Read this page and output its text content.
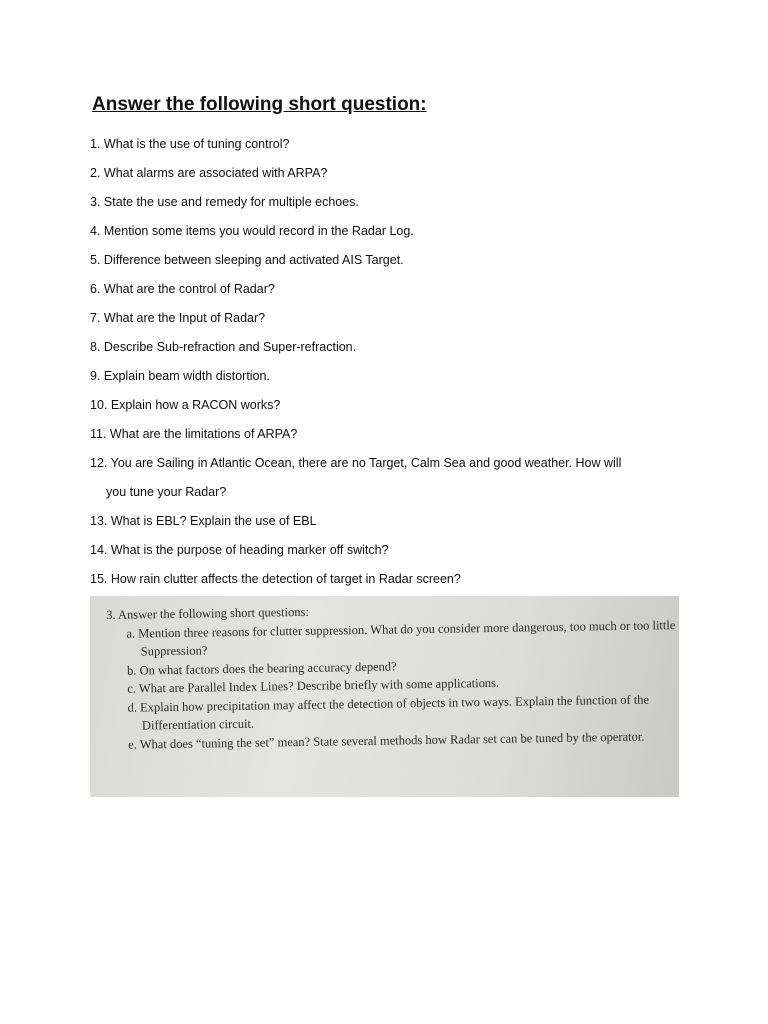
Answer the following short question:
1. What is the use of tuning control?
2. What alarms are associated with ARPA?
3. State the use and remedy for multiple echoes.
4. Mention some items you would record in the Radar Log.
5. Difference between sleeping and activated AIS Target.
6. What are the control of Radar?
7. What are the Input of Radar?
8. Describe Sub-refraction and Super-refraction.
9. Explain beam width distortion.
10. Explain how a RACON works?
11. What are the limitations of ARPA?
12. You are Sailing in Atlantic Ocean, there are no Target, Calm Sea and good weather. How will
you tune your Radar?
13. What is EBL? Explain the use of EBL
14. What is the purpose of heading marker off switch?
15. How rain clutter affects the detection of target in Radar screen?
3. Answer the following short questions:
a. Mention three reasons for clutter suppression. What do you consider more dangerous, too much or too little
Suppression?
b. On what factors does the bearing accuracy depend?
c. What are Parallel Index Lines? Describe briefly with some applications.
d. Explain how precipitation may affect the detection of objects in two ways. Explain the function of the
Differentiation circuit.
e. What does “tuning the set” mean? State several methods how Radar set can be tuned by the operator.
